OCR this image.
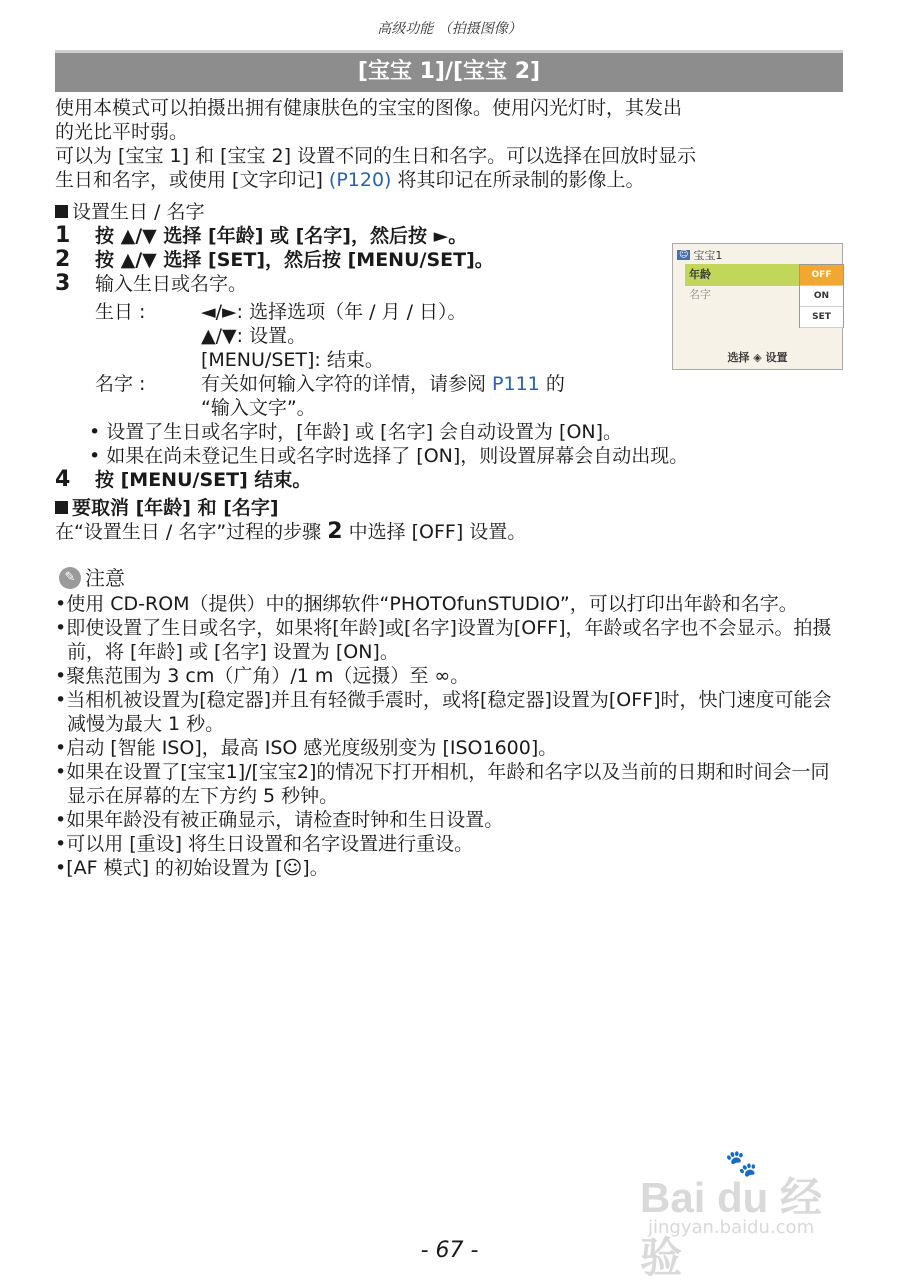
高级功能 （拍摄图像）
[宝宝 1]/[宝宝 2]

使用本模式可以拍摄出拥有健康肤色的宝宝的图像。使用闪光灯时，其发出

的光比平时弱。

可以为 [宝宝 1] 和 [宝宝 2] 设置不同的生日和名字。可以选择在回放时显示

生日和名字，或使用 [文字印记] (P120) 将其印记在所录制的影像上。

设置生日 / 名字
1	按 ▲/▼ 选择 [年龄] 或 [名字]，然后按 ►。
2	按 ▲/▼ 选择 [SET]，然后按 [MENU/SET]。
3	输入生日或名字。
生日 :	◄/►: 选择选项（年 / 月 / 日）。
▲/▼: 设置。
[MENU/SET]: 结束。
名字 :	有关如何输入字符的详情，请参阅 P111 的
“输入文字”。
• 设置了生日或名字时，[年龄] 或 [名字] 会自动设置为 [ON]。
• 如果在尚未登记生日或名字时选择了 [ON]，则设置屏幕会自动出现。
4	按 [MENU/SET] 结束。
要取消 [年龄] 和 [名字]

在“设置生日 / 名字”过程的步骤 2 中选择 [OFF] 设置。

✎ 注意
•使用 CD-ROM（提供）中的捆绑软件“PHOTOfunSTUDIO”，可以打印出年龄和名字。
•即使设置了生日或名字，如果将[年龄]或[名字]设置为[OFF]，年龄或名字也不会显示。拍摄前，将 [年龄] 或 [名字] 设置为 [ON]。
•聚焦范围为 3 cm（广角）/1 m（远摄）至 ∞。
•当相机被设置为[稳定器]并且有轻微手震时，或将[稳定器]设置为[OFF]时，快门速度可能会减慢为最大 1 秒。
•启动 [智能 ISO]，最高 ISO 感光度级别变为 [ISO1600]。
•如果在设置了[宝宝1]/[宝宝2]的情况下打开相机，年龄和名字以及当前的日期和时间会一同显示在屏幕的左下方约 5 秒钟。
•如果年龄没有被正确显示，请检查时钟和生日设置。
•可以用 [重设] 将生日设置和名字设置进行重设。
•[AF 模式] 的初始设置为 [☺]。
☺ 宝宝1
年龄
名字
OFF
ON
SET
选择 ◈ 设置
Bai du 经验
🐾
jingyan.baidu.com
- 67 -
